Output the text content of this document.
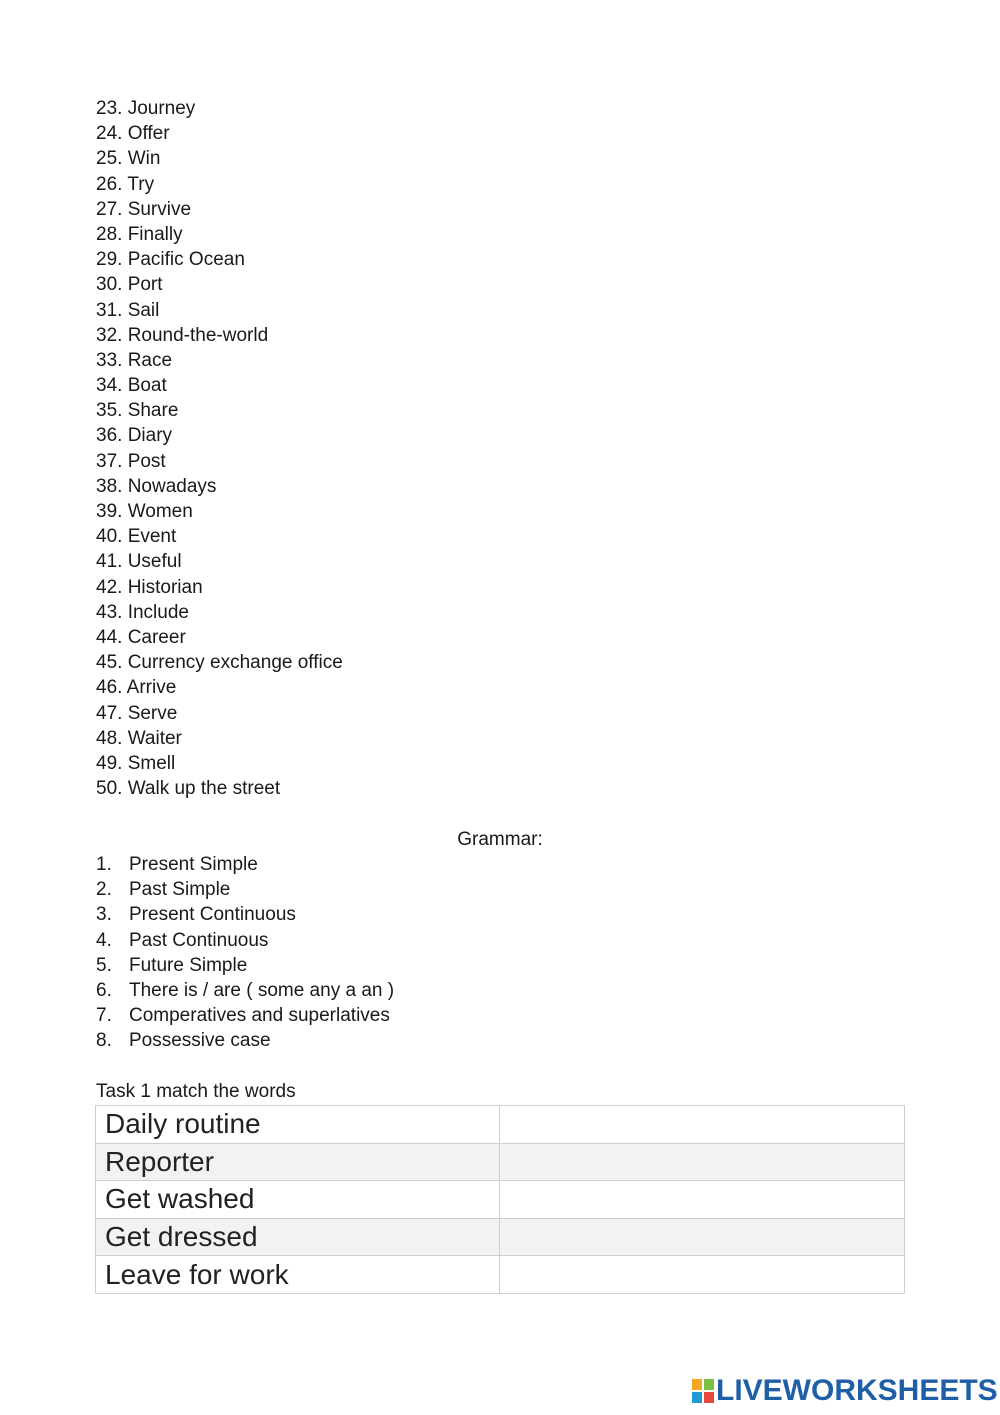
23. Journey
24. Offer
25. Win
26. Try
27. Survive
28. Finally
29. Pacific Ocean
30. Port
31. Sail
32. Round-the-world
33. Race
34. Boat
35. Share
36. Diary
37. Post
38. Nowadays
39. Women
40. Event
41. Useful
42. Historian
43. Include
44. Career
45. Currency exchange office
46. Arrive
47. Serve
48. Waiter
49. Smell
50. Walk up the street
Grammar:
1. Present Simple
2. Past Simple
3. Present Continuous
4. Past Continuous
5. Future Simple
6. There is / are ( some any a an )
7. Comperatives and superlatives
8. Possessive case
Task 1 match the words
Daily routine	
Reporter	
Get washed	
Get dressed	
Leave for work	
LIVEWORKSHEETS
